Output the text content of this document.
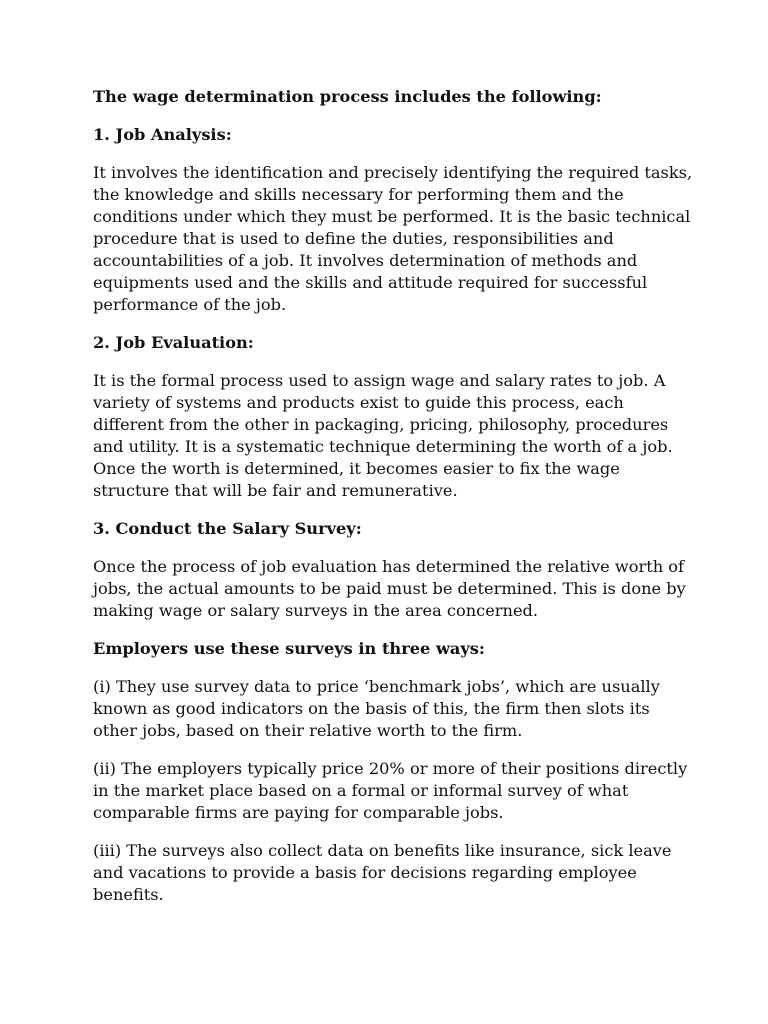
The wage determination process includes the following:
1. Job Analysis:

It involves the identification and precisely identifying the required tasks, the knowledge and skills necessary for performing them and the conditions under which they must be performed. It is the basic technical procedure that is used to define the duties, responsibilities and accountabilities of a job. It involves determination of methods and equipments used and the skills and attitude required for successful performance of the job.

2. Job Evaluation:

It is the formal process used to assign wage and salary rates to job. A variety of systems and products exist to guide this process, each different from the other in packaging, pricing, philosophy, procedures and utility. It is a systematic technique determining the worth of a job. Once the worth is determined, it becomes easier to fix the wage structure that will be fair and remunerative.

3. Conduct the Salary Survey:

Once the process of job evaluation has determined the relative worth of jobs, the actual amounts to be paid must be determined. This is done by making wage or salary surveys in the area concerned.

Employers use these surveys in three ways:

(i) They use survey data to price ‘benchmark jobs’, which are usually known as good indicators on the basis of this, the firm then slots its other jobs, based on their relative worth to the firm.

(ii) The employers typically price 20% or more of their positions directly in the market place based on a formal or informal survey of what comparable firms are paying for comparable jobs.

(iii) The surveys also collect data on benefits like insurance, sick leave and vacations to provide a basis for decisions regarding employee benefits.
